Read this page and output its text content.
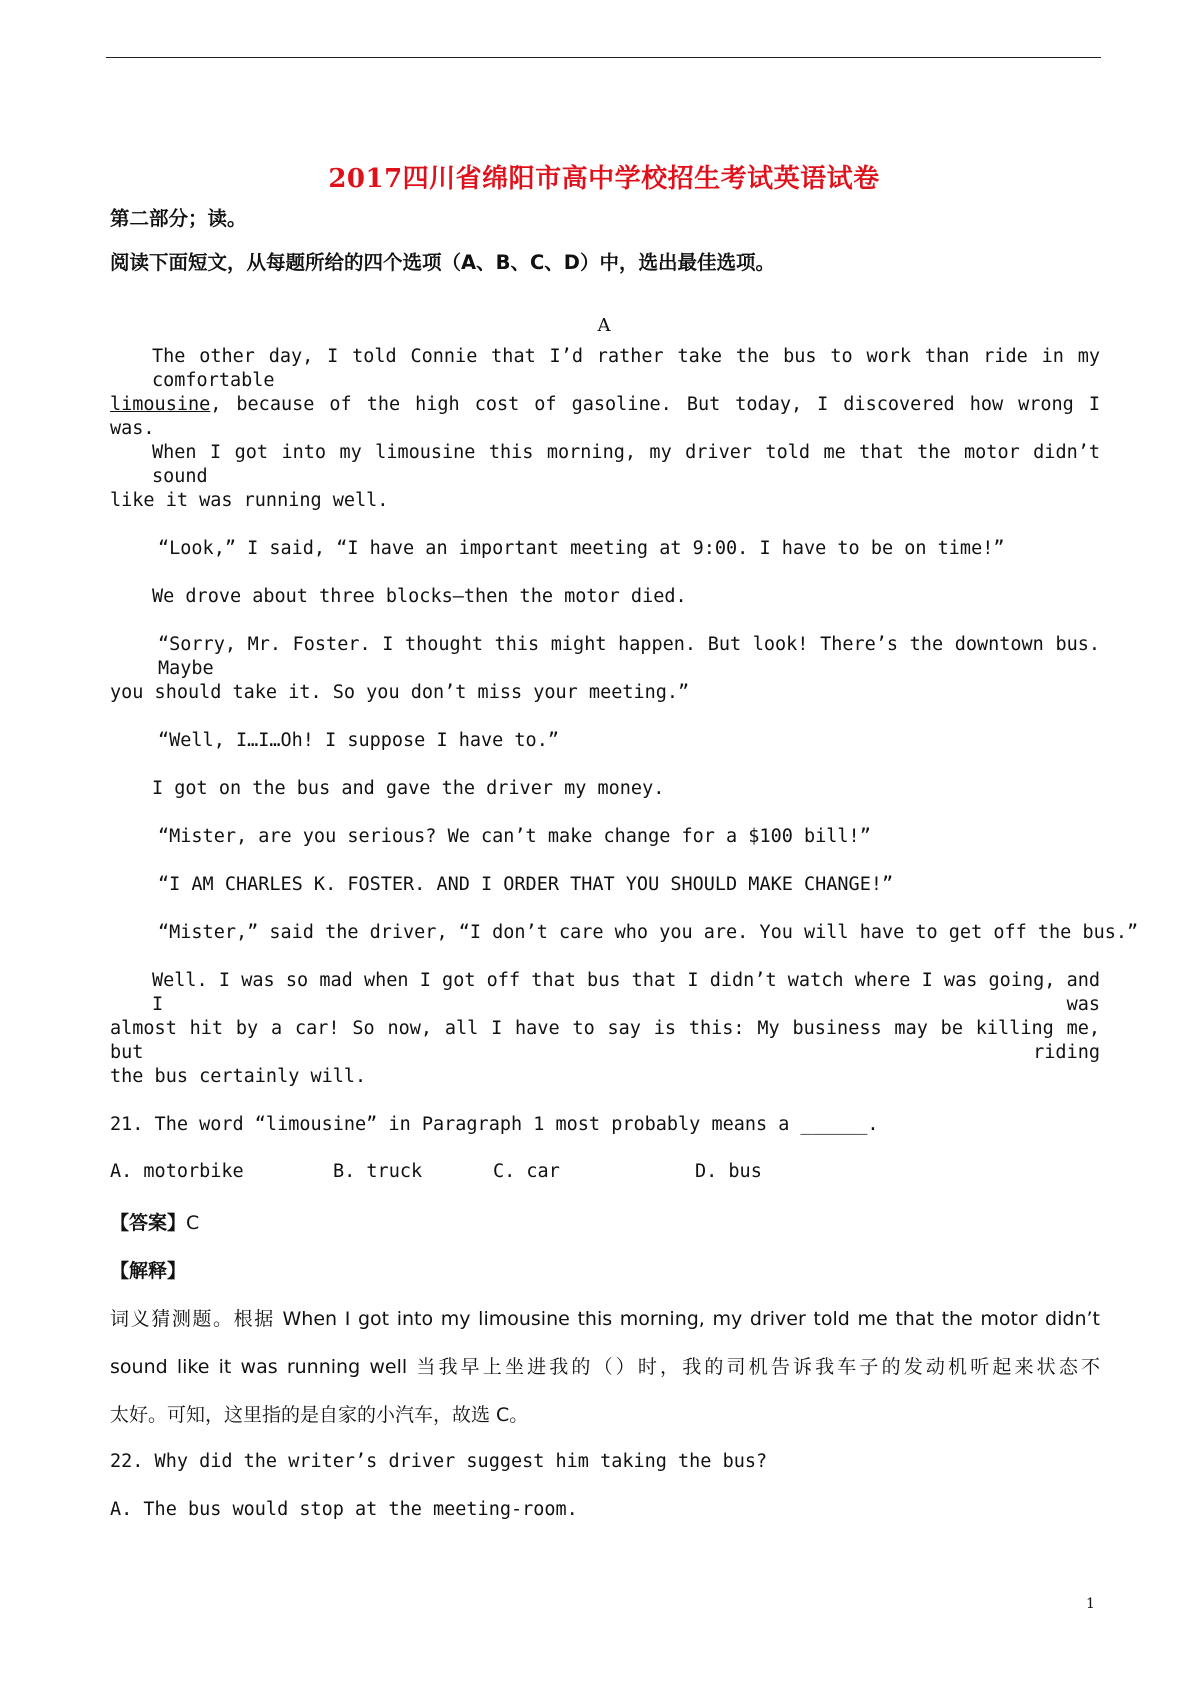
2017四川省绵阳市高中学校招生考试英语试卷
第二部分；读。
阅读下面短文，从每题所给的四个选项（A、B、C、D）中，选出最佳选项。
A
The other day, I told Connie that I’d rather take the bus to work than ride in my comfortable
limousine, because of the high cost of gasoline. But today, I discovered how wrong I was.
When I got into my limousine this morning, my driver told me that the motor didn’t sound
like it was running well.
“Look,” I said, “I have an important meeting at 9:00. I have to be on time!”
We drove about three blocks—then the motor died.
“Sorry, Mr. Foster. I thought this might happen. But look! There’s the downtown bus. Maybe
you should take it. So you don’t miss your meeting.”
“Well, I…I…Oh! I suppose I have to.”
I got on the bus and gave the driver my money.
“Mister, are you serious? We can’t make change for a $100 bill!”
“I AM CHARLES K. FOSTER. AND I ORDER THAT YOU SHOULD MAKE CHANGE!”
“Mister,” said the driver, “I don’t care who you are. You will have to get off the bus.”
Well. I was so mad when I got off that bus that I didn’t watch where I was going, and I was
almost hit by a car! So now, all I have to say is this: My business may be killing me, but riding
the bus certainly will.
21. The word “limousine” in Paragraph 1 most probably means a ______.
A. motorbike	B. truck	C. car	D. bus
【答案】C
【解释】
词义猜测题。根据 When I got into my limousine this morning, my driver told me that the motor didn’t
sound like it was running well 当我早上坐进我的（）时，我的司机告诉我车子的发动机听起来状态不
太好。可知，这里指的是自家的小汽车，故选 C。
22. Why did the writer’s driver suggest him taking the bus?
A. The bus would stop at the meeting-room.
1
